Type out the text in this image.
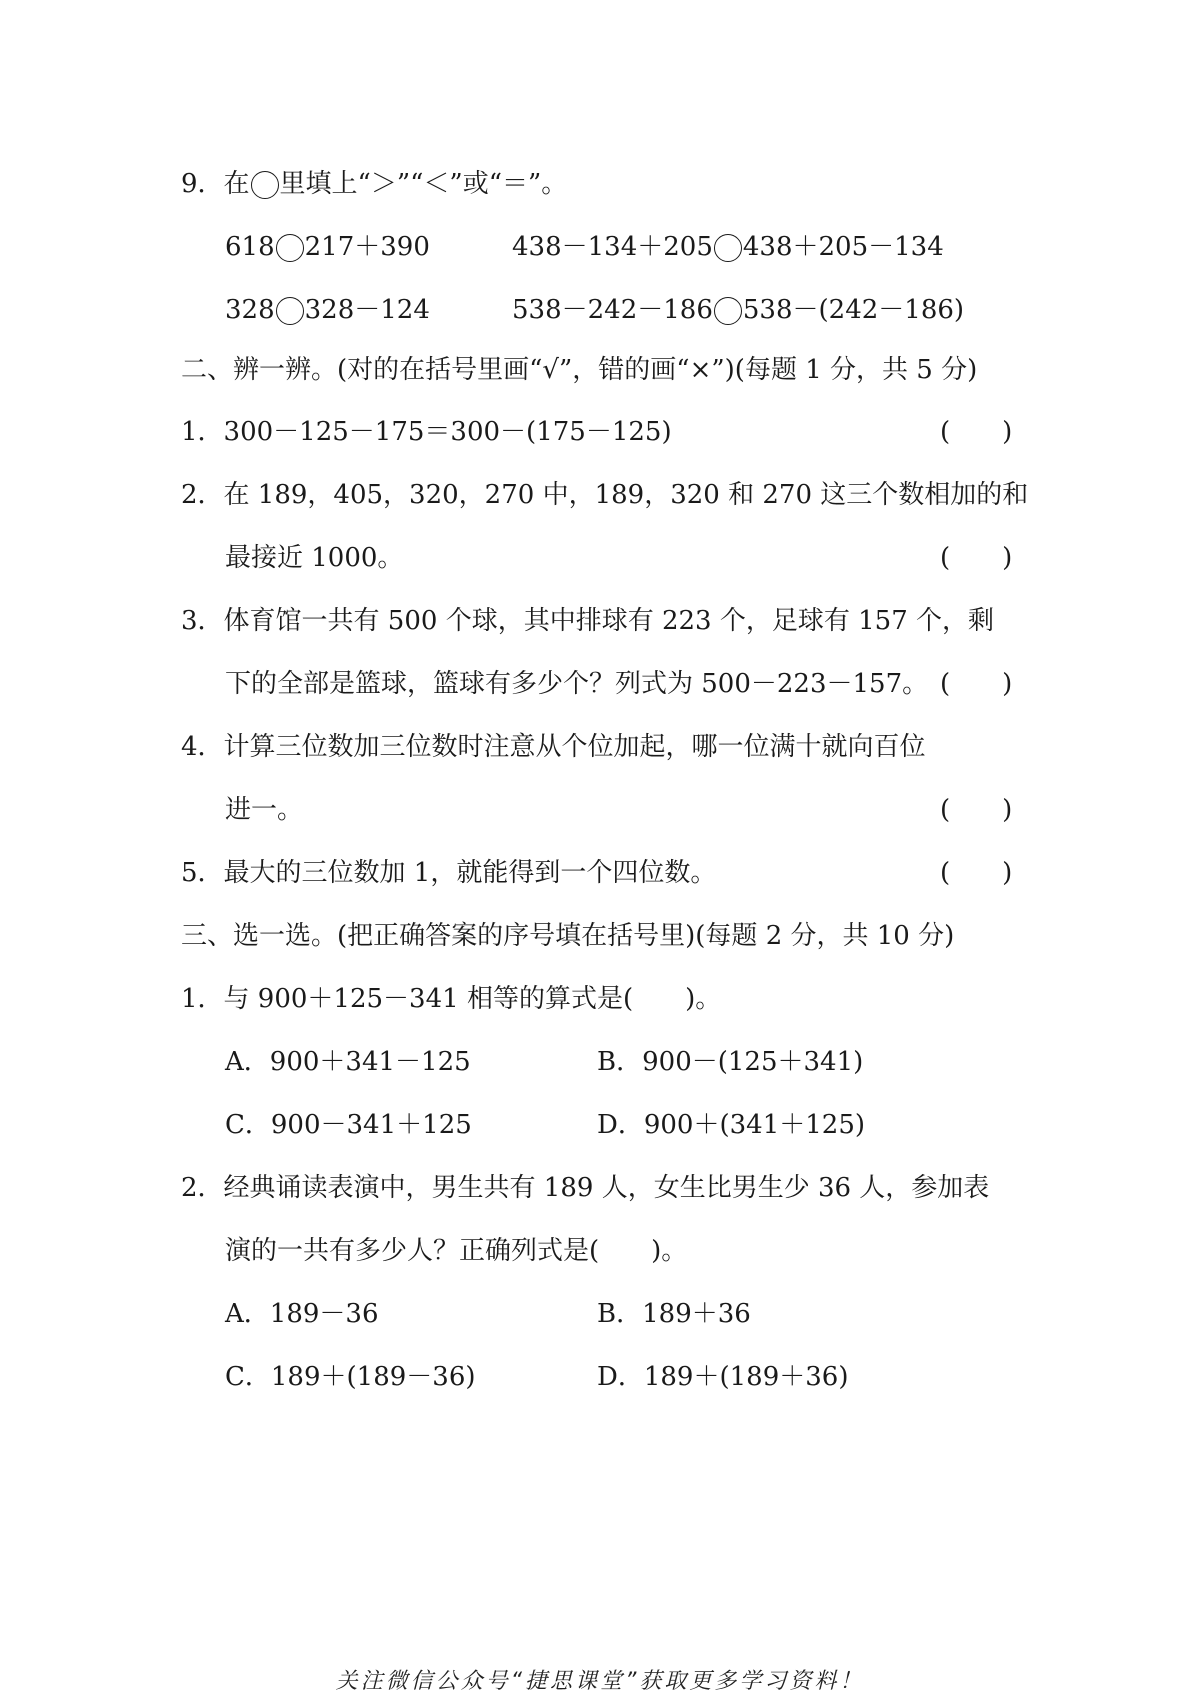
9．在 里填上“＞”“＜”或“＝”。
618 217＋390	438－134＋205 438＋205－134
328 328－124	538－242－186 538－(242－186)
二、辨一辨。(对的在括号里画“√”，错的画“×”)(每题 1 分，共 5 分)
1．300－125－175＝300－(175－125)	(　　)
2．在 189，405，320，270 中，189，320 和 270 这三个数相加的和
最接近 1000。	(　　)
3．体育馆一共有 500 个球，其中排球有 223 个，足球有 157 个，剩
下的全部是篮球，篮球有多少个？列式为 500－223－157。 (　　)
4．计算三位数加三位数时注意从个位加起，哪一位满十就向百位
进一。	(　　)
5．最大的三位数加 1，就能得到一个四位数。	(　　)
三、选一选。(把正确答案的序号填在括号里)(每题 2 分，共 10 分)
1．与 900＋125－341 相等的算式是(　　)。
A．900＋341－125	B．900－(125＋341)
C．900－341＋125	D．900＋(341＋125)
2．经典诵读表演中，男生共有 189 人，女生比男生少 36 人，参加表
演的一共有多少人？正确列式是(　　)。
A．189－36	B．189＋36
C．189＋(189－36)	D．189＋(189＋36)
关注微信公众号“捷思课堂”获取更多学习资料！
